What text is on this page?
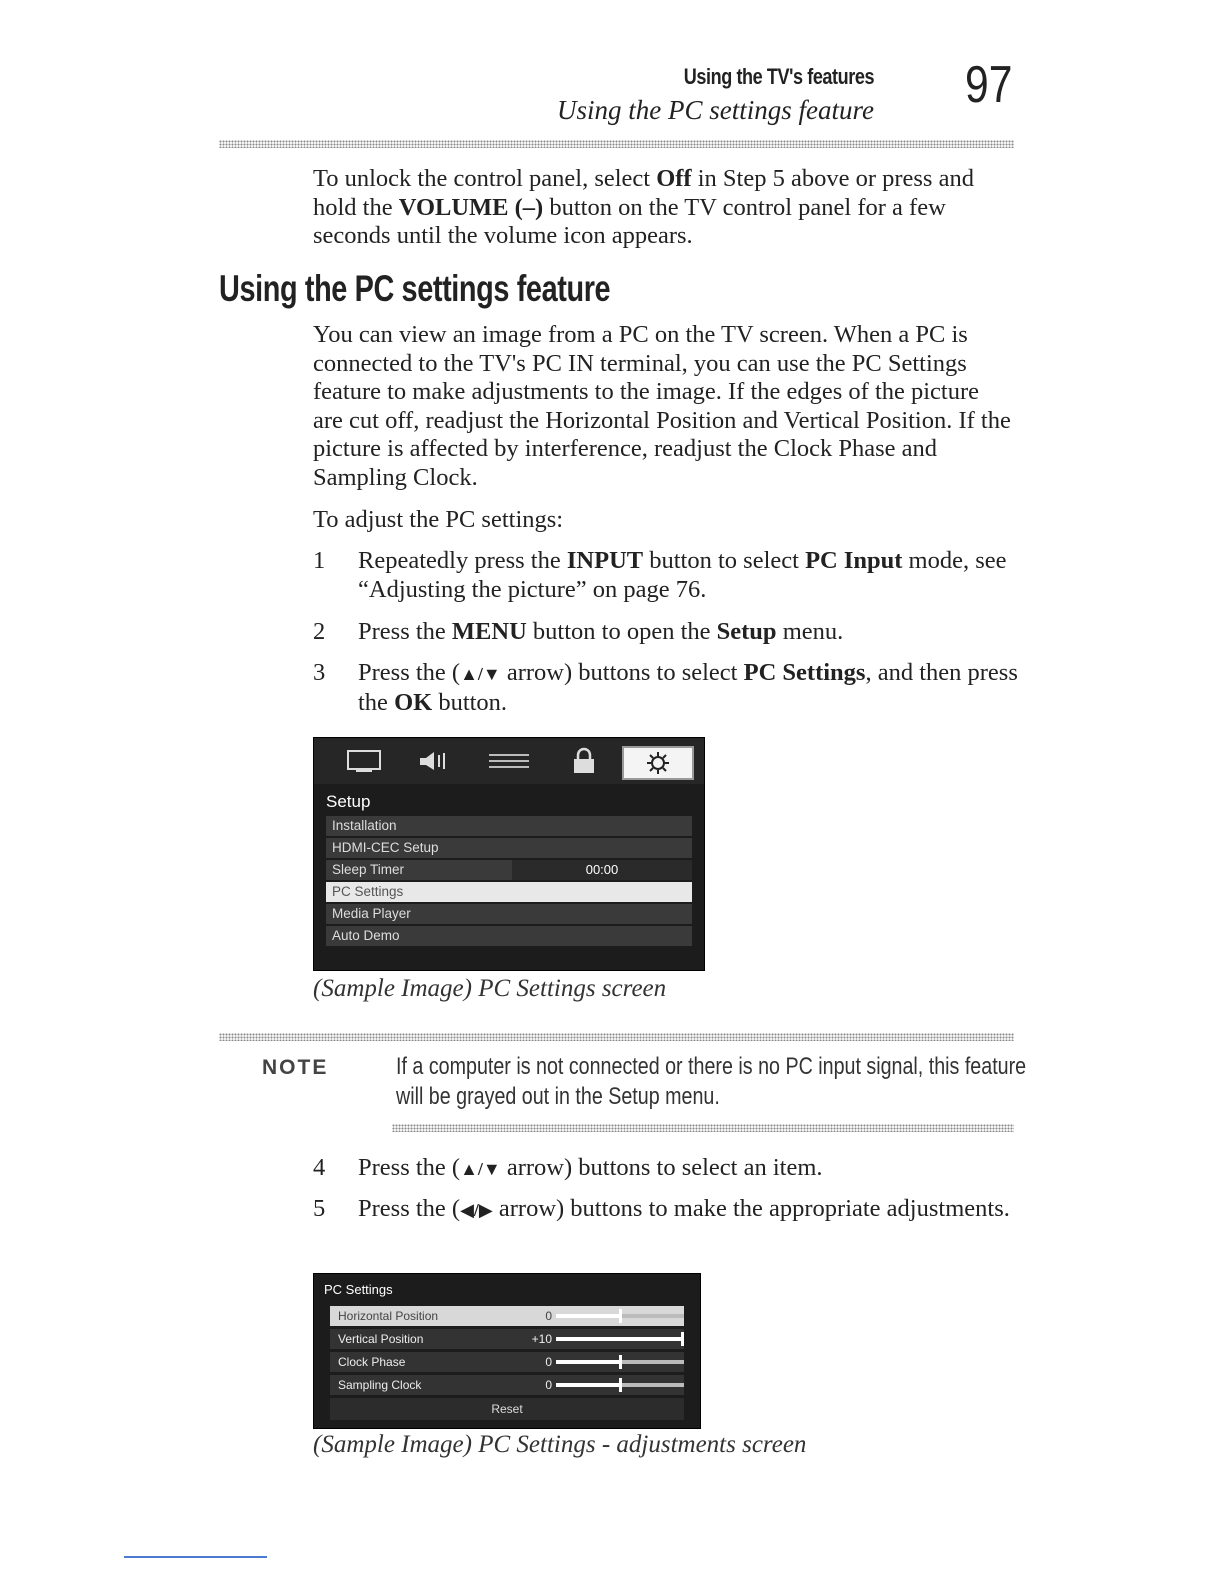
Using the TV's features
Using the PC settings feature 97
To unlock the control panel, select Off in Step 5 above or press and hold the VOLUME (–) button on the TV control panel for a few seconds until the volume icon appears.
Using the PC settings feature
You can view an image from a PC on the TV screen. When a PC is connected to the TV's PC IN terminal, you can use the PC Settings feature to make adjustments to the image. If the edges of the picture are cut off, readjust the Horizontal Position and Vertical Position. If the picture is affected by interference, readjust the Clock Phase and Sampling Clock.
To adjust the PC settings:
1 Repeatedly press the INPUT button to select PC Input mode, see “Adjusting the picture” on page 76.
2 Press the MENU button to open the Setup menu.
3 Press the (▲/▼ arrow) buttons to select PC Settings, and then press the OK button.
Setup
Installation
HDMI-CEC Setup
Sleep Timer	00:00
PC Settings
Media Player
Auto Demo
(Sample Image) PC Settings screen
NOTE	If a computer is not connected or there is no PC input signal, this feature will be grayed out in the Setup menu.
4 Press the (▲/▼ arrow) buttons to select an item.
5 Press the (◀/▶ arrow) buttons to make the appropriate adjustments.
PC Settings
Horizontal Position	0
Vertical Position	+10
Clock Phase	0
Sampling Clock	0
Reset
(Sample Image) PC Settings - adjustments screen
